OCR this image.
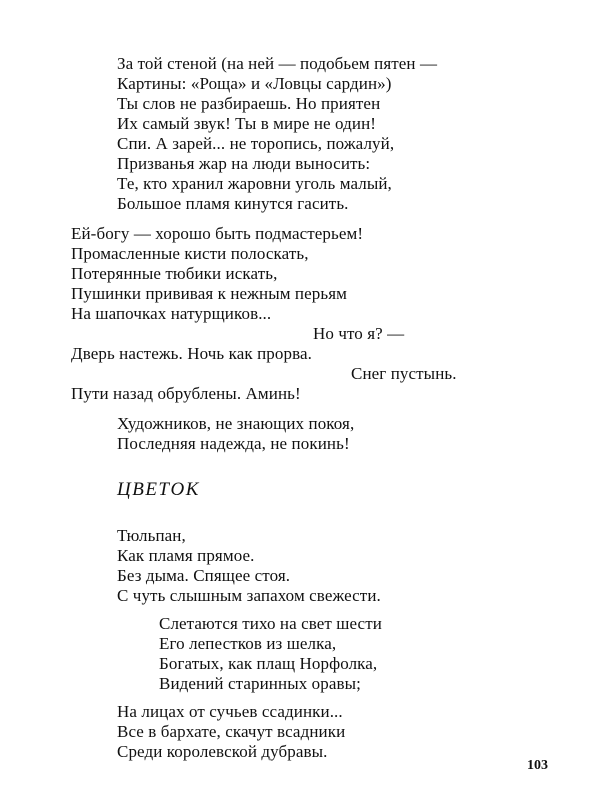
За той стеной (на ней — подобьем пятен —
Картины: «Роща» и «Ловцы сардин»)
Ты слов не разбираешь. Но приятен
Их самый звук! Ты в мире не один!
Спи. А зарей... не торопись, пожалуй,
Призванья жар на люди выносить:
Те, кто хранил жаровни уголь малый,
Большое пламя кинутся гасить.
Ей-богу — хорошо быть подмастерьем!
Промасленные кисти полоскать,
Потерянные тюбики искать,
Пушинки прививая к нежным перьям
На шапочках натурщиков...
Но что я? —
Дверь настежь. Ночь как прорва.
Снег пустынь.
Пути назад обрублены. Аминь!
Художников, не знающих покоя,
Последняя надежда, не покинь!
ЦВЕТОК
Тюльпан,
Как пламя прямое.
Без дыма. Спящее стоя.
С чуть слышным запахом свежести.
Слетаются тихо на свет шести
Его лепестков из шелка,
Богатых, как плащ Норфолка,
Видений старинных оравы;
На лицах от сучьев ссадинки...
Все в бархате, скачут всадники
Среди королевской дубравы.
103
